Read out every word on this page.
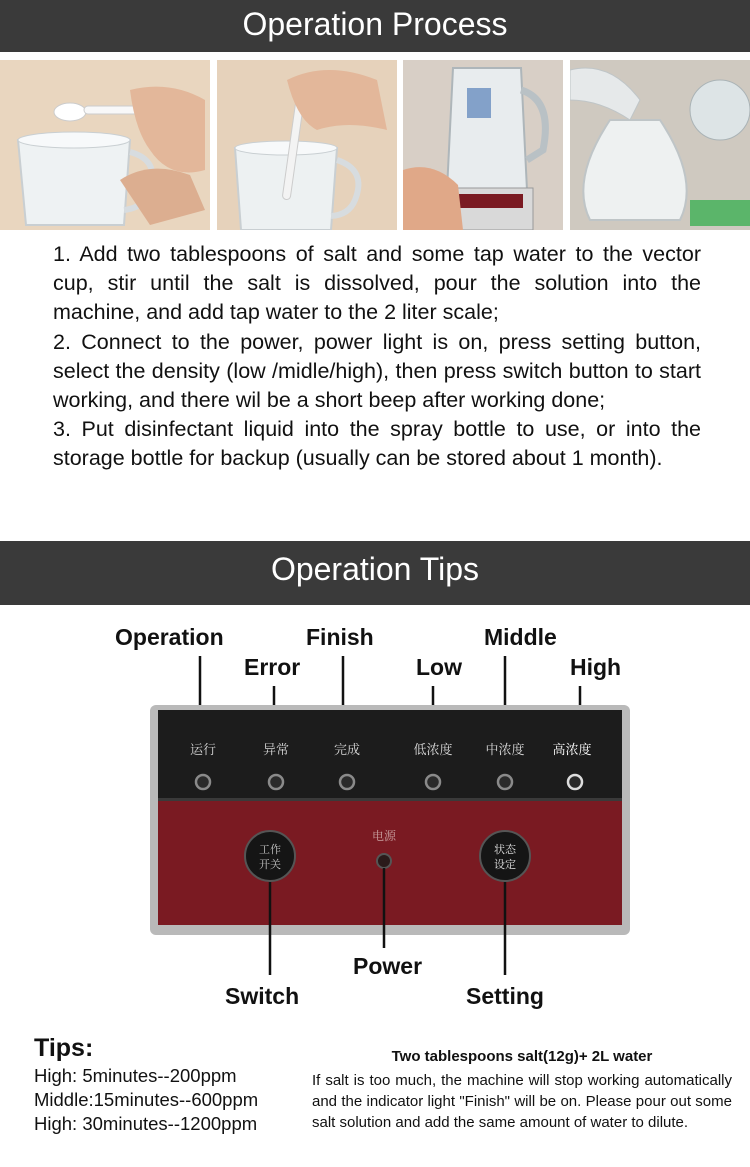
Operation Process

1. Add two tablespoons of salt and some tap water to the vector cup, stir until the salt is dissolved, pour the solution into the machine, and add tap water to the 2 liter scale;

2. Connect to the power, power light is on, press setting button, select the density (low /midle/high), then press switch button to start working, and there wil be a short beep after working done;

3. Put disinfectant liquid into the spray bottle to use, or into the storage bottle for backup (usually can be stored about 1 month).

Operation Tips
Operation
Error
Finish
Low
Middle
High
运行	异常	完成	低浓度	中浓度 高浓度
电源
工作
开关
状态
设定
Switch
Power
Setting
Tips:
High: 5minutes--200ppm
Middle:15minutes--600ppm
High: 30minutes--1200ppm
Two tablespoons salt(12g)+ 2L water
If salt is too much, the machine will stop working automatically and the indicator light "Finish" will be on. Please pour out some salt solution and add the same amount of water to dilute.
